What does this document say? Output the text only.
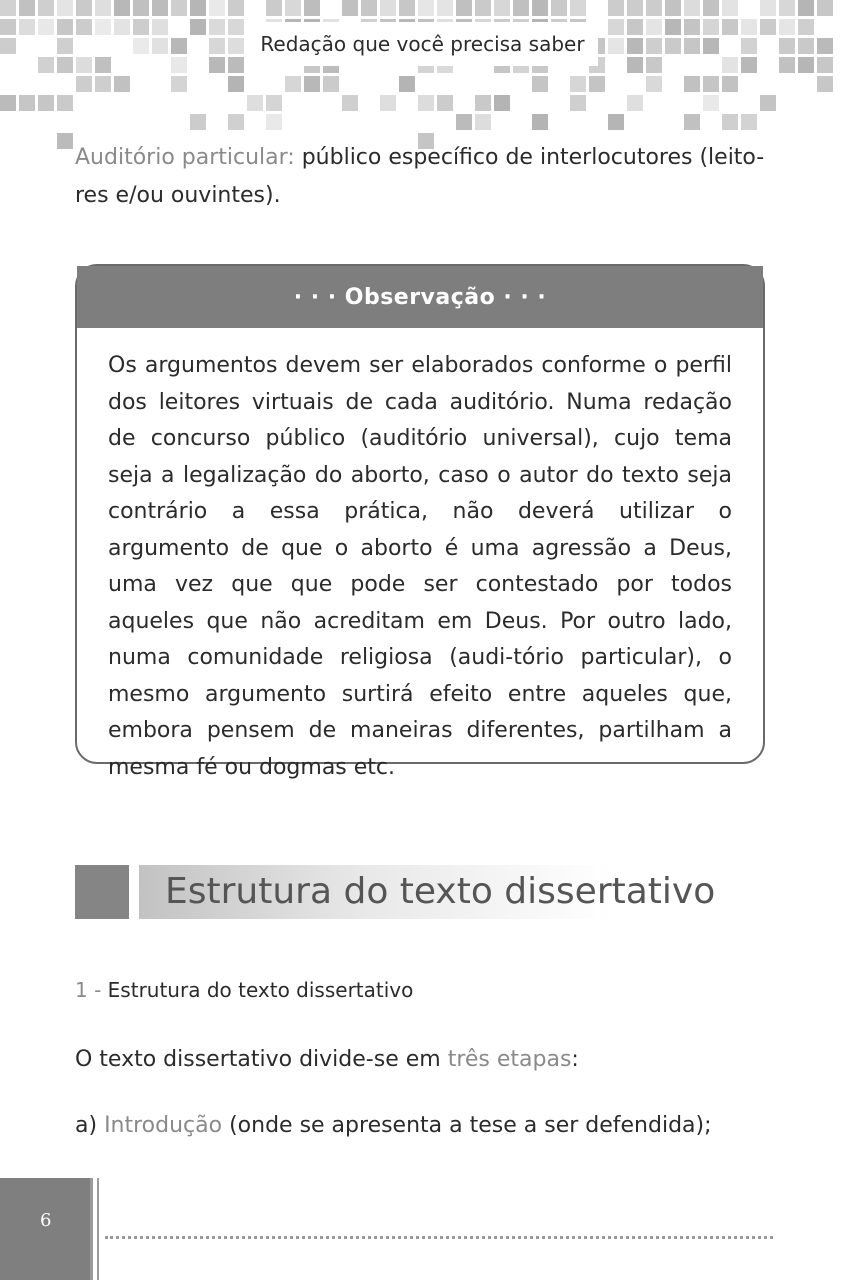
Redação que você precisa saber
Auditório particular: público específico de interlocutores (leito-
res e/ou ouvintes).
· · · Observação · · ·
Os argumentos devem ser elaborados conforme o perfil dos leitores virtuais de cada auditório. Numa redação de concurso público (auditório universal), cujo tema seja a legalização do aborto, caso o autor do texto seja contrário a essa prática, não deverá utilizar o argumento de que o aborto é uma agressão a Deus, uma vez que que pode ser contestado por todos aqueles que não acreditam em Deus. Por outro lado, numa comunidade religiosa (audi-tório particular), o mesmo argumento surtirá efeito entre aqueles que, embora pensem de maneiras diferentes, partilham a mesma fé ou dogmas etc.
Estrutura do texto dissertativo
1 - Estrutura do texto dissertativo
O texto dissertativo divide-se em três etapas:
a) Introdução (onde se apresenta a tese a ser defendida);
6
